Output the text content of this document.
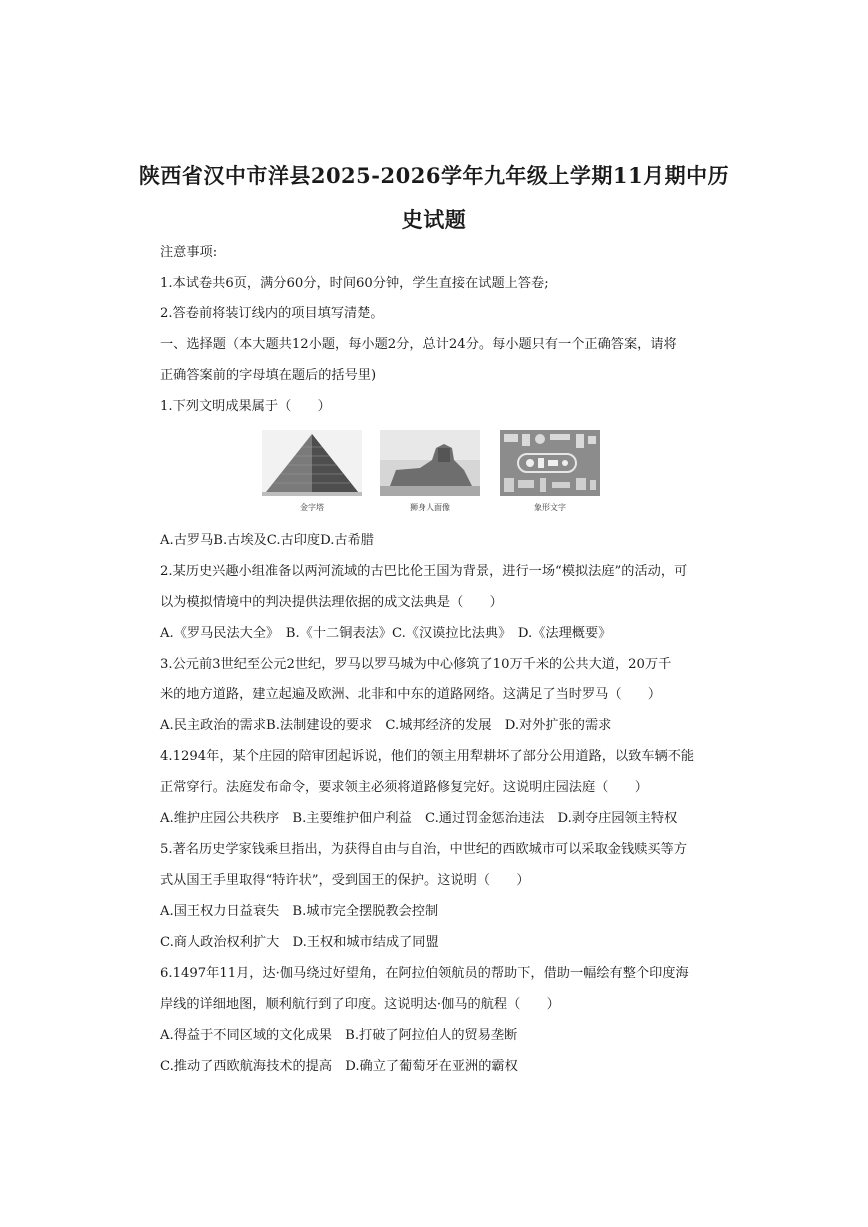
陕西省汉中市洋县2025-2026学年九年级上学期11月期中历
史试题
注意事项:
1.本试卷共6页，满分60分，时间60分钟，学生直接在试题上答卷;
2.答卷前将装订线内的项目填写清楚。
一、选择题（本大题共12小题，每小题2分，总计24分。每小题只有一个正确答案，请将
正确答案前的字母填在题后的括号里)
1.下列文明成果属于（　　）
金字塔	狮身人面像	象形文字
A.古罗马B.古埃及C.古印度D.古希腊
2.某历史兴趣小组准备以两河流域的古巴比伦王国为背景，进行一场“模拟法庭”的活动，可
以为模拟情境中的判决提供法理依据的成文法典是（　　）
A.《罗马民法大全》　B.《十二铜表法》C.《汉谟拉比法典》　D.《法理概要》
3.公元前3世纪至公元2世纪，罗马以罗马城为中心修筑了10万千米的公共大道，20万千
米的地方道路，建立起遍及欧洲、北非和中东的道路网络。这满足了当时罗马（　　）
A.民主政治的需求B.法制建设的要求　C.城邦经济的发展　D.对外扩张的需求
4.1294年，某个庄园的陪审团起诉说，他们的领主用犁耕坏了部分公用道路，以致车辆不能
正常穿行。法庭发布命令，要求领主必须将道路修复完好。这说明庄园法庭（　　）
A.维护庄园公共秩序　B.主要维护佃户利益　C.通过罚金惩治违法　D.剥夺庄园领主特权
5.著名历史学家钱乘旦指出，为获得自由与自治，中世纪的西欧城市可以采取金钱赎买等方
式从国王手里取得“特许状”，受到国王的保护。这说明（　　）
A.国王权力日益衰失　B.城市完全摆脱教会控制
C.商人政治权利扩大　D.王权和城市结成了同盟
6.1497年11月，达·伽马绕过好望角，在阿拉伯领航员的帮助下，借助一幅绘有整个印度海
岸线的详细地图，顺利航行到了印度。这说明达·伽马的航程（　　）
A.得益于不同区域的文化成果　B.打破了阿拉伯人的贸易垄断
C.推动了西欧航海技术的提高　D.确立了葡萄牙在亚洲的霸权
